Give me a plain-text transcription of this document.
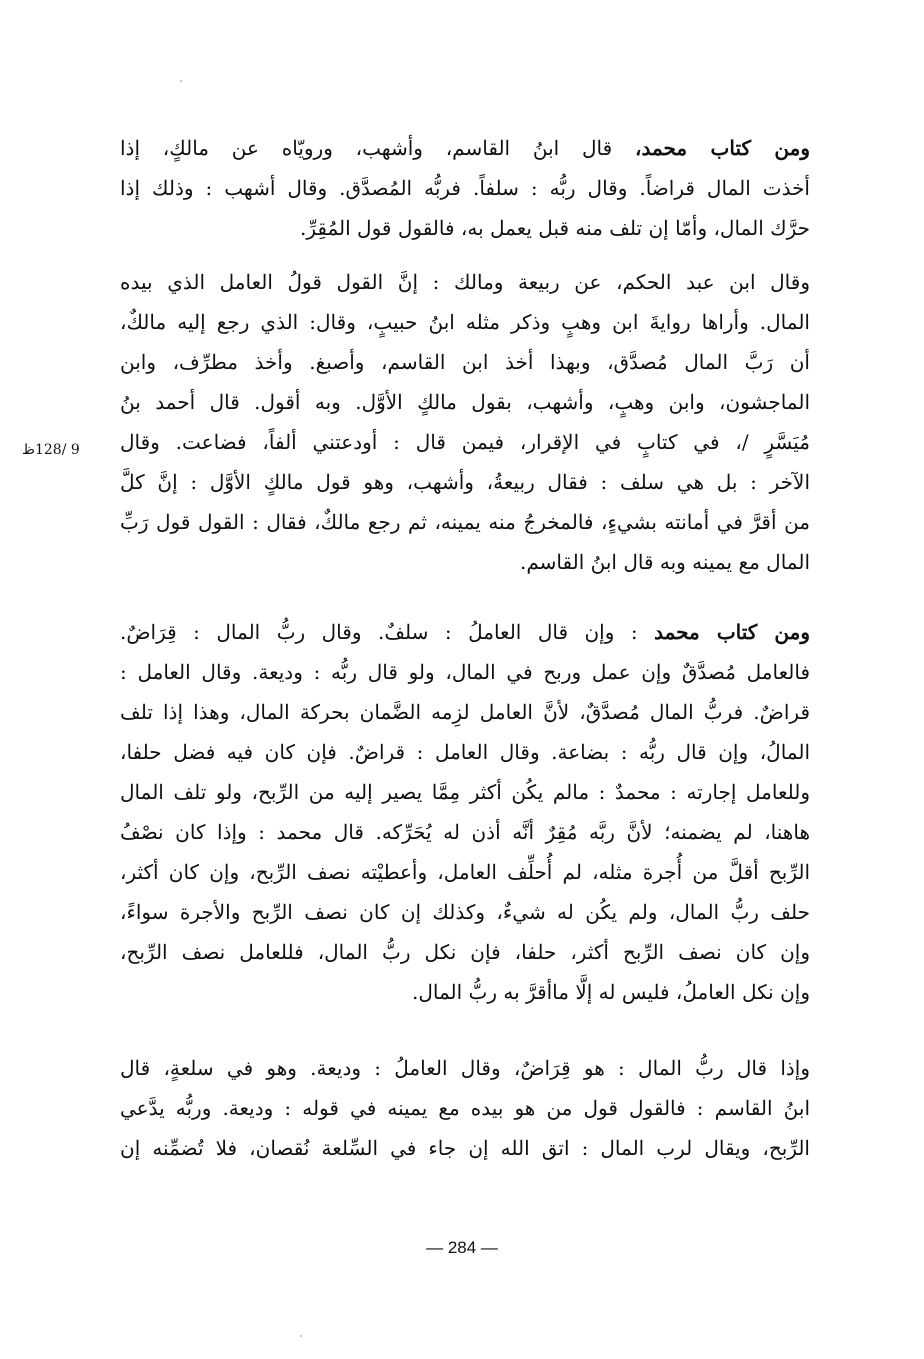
ومن كتاب محمد، قال ابنُ القاسم، وأشهب، ورويّاه عن مالكٍ، إذا
أخذت المال قراضاً. وقال ربُّه : سلفاً. فربُّه المُصدَّق. وقال أشهب : وذلك إذا
حرَّك المال، وأمّا إن تلف منه قبل يعمل به، فالقول قول المُقِرِّ.
وقال ابن عبد الحكم، عن ربيعة ومالك : إنَّ القول قولُ العامل الذي بيده
المال. وأراها روايةَ ابن وهبٍ وذكر مثله ابنُ حبيبٍ، وقال: الذي رجع إليه مالكٌ،
أن رَبَّ المال مُصدَّق، وبهذا أخذ ابن القاسم، وأصبغ. وأخذ مطرِّف، وابن
الماجشون، وابن وهبٍ، وأشهب، بقول مالكٍ الأوَّل. وبه أقول. قال أحمد بنُ
مُيَسَّرٍ /، في كتابٍ في الإقرار، فيمن قال : أودعتني ألفاً، فضاعت. وقال
الآخر : بل هي سلف : فقال ربيعةُ، وأشهب، وهو قول مالكٍ الأوَّل : إنَّ كلَّ
من أقرَّ في أمانته بشيءٍ، فالمخرجُ منه يمينه، ثم رجع مالكٌ، فقال : القول قول رَبِّ
المال مع يمينه وبه قال ابنُ القاسم.
9 /128ظ
ومن كتاب محمد : وإن قال العاملُ : سلفٌ. وقال ربُّ المال : قِرَاضٌ.
فالعامل مُصدَّقٌ وإن عمل وربح في المال، ولو قال ربُّه : وديعة. وقال العامل :
قراضٌ. فربُّ المال مُصدَّقٌ، لأنَّ العامل لزِمه الضَّمان بحركة المال، وهذا إذا تلف
المالُ، وإن قال ربُّه : بضاعة. وقال العامل : قراضٌ. فإن كان فيه فضل حلفا،
وللعامل إجارته : محمدٌ : مالم يكُن أكثر مِمَّا يصير إليه من الرِّبح، ولو تلف المال
هاهنا، لم يضمنه؛ لأنَّ ربَّه مُقِرٌ أنَّه أذن له يُحَرِّكه. قال محمد : وإذا كان نصْفُ
الرِّبح أقلَّ من أُجرة مثله، لم أُحلِّف العامل، وأعطيْته نصف الرِّبح، وإن كان أكثر،
حلف ربُّ المال، ولم يكُن له شيءٌ، وكذلك إن كان نصف الرِّبح والأجرة سواءً،
وإن كان نصف الرِّبح أكثر، حلفا، فإن نكل ربُّ المال، فللعامل نصف الرِّبح،
وإن نكل العاملُ، فليس له إلَّا ماأقرَّ به ربُّ المال.
وإذا قال ربُّ المال : هو قِرَاضٌ، وقال العاملُ : وديعة. وهو في سلعةٍ، قال
ابنُ القاسم : فالقول قول من هو بيده مع يمينه في قوله : وديعة. وربُّه يدَّعي
الرِّبح، ويقال لرب المال : اتق الله إن جاء في السِّلعة نُقصان، فلا تُضمِّنه إن
— 284 —
